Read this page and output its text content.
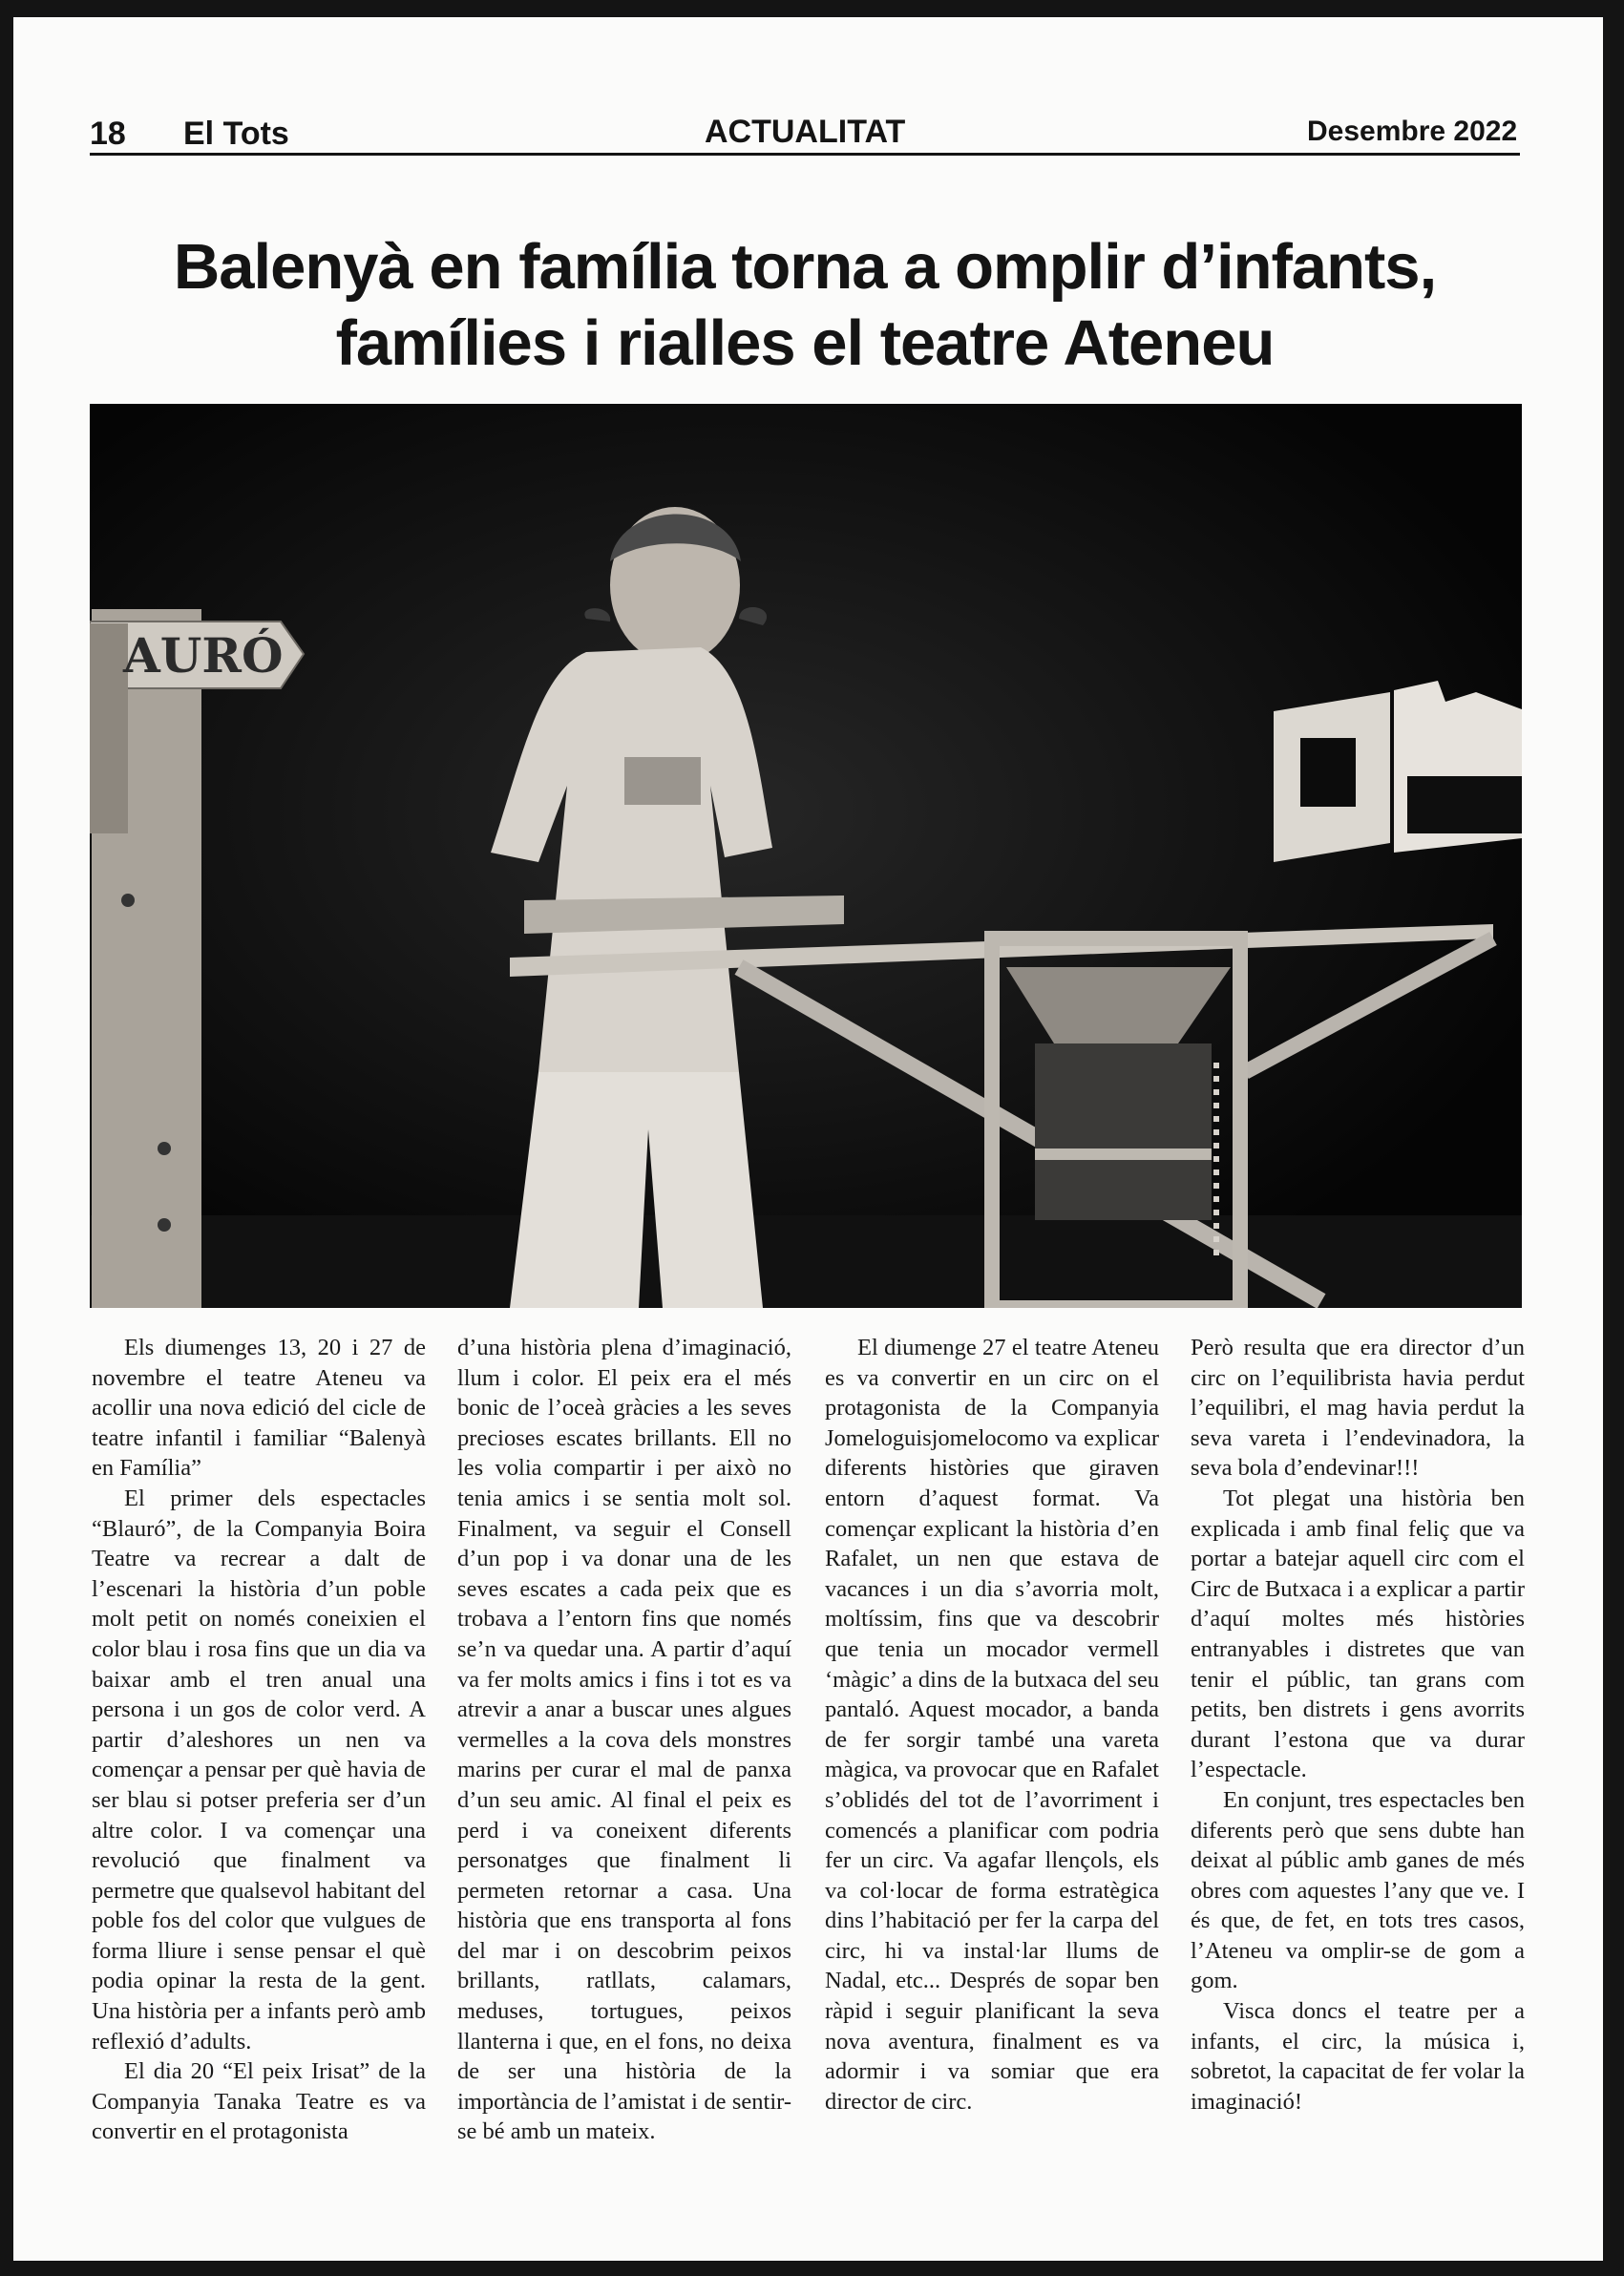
18 El Tots	ACTUALITAT	Desembre 2022
Balenyà en família torna a omplir d’infants,
famílies i rialles el teatre Ateneu
AURÓ

Els diumenges 13, 20 i 27 de novembre el teatre Ateneu va acollir una nova edició del cicle de teatre infantil i familiar “Balenyà en Família”

El primer dels espectacles “Blauró”, de la Companyia Boira Teatre va recrear a dalt de l’escenari la història d’un poble molt petit on només coneixien el color blau i rosa fins que un dia va baixar amb el tren anual una persona i un gos de color verd. A partir d’aleshores un nen va començar a pensar per què havia de ser blau si potser preferia ser d’un altre color. I va començar una revolució que finalment va permetre que qualsevol habitant del poble fos del color que vulgues de forma lliure i sense pensar el què podia opinar la resta de la gent. Una història per a infants però amb reflexió d’adults.

El dia 20 “El peix Irisat” de la Companyia Tanaka Teatre es va convertir en el protagonista

d’una història plena d’imaginació, llum i color. El peix era el més bonic de l’oceà gràcies a les seves precioses escates brillants. Ell no les volia compartir i per això no tenia amics i se sentia molt sol. Finalment, va seguir el Consell d’un pop i va donar una de les seves escates a cada peix que es trobava a l’entorn fins que només se’n va quedar una. A partir d’aquí va fer molts amics i fins i tot es va atrevir a anar a buscar unes algues vermelles a la cova dels monstres marins per curar el mal de panxa d’un seu amic. Al final el peix es perd i va coneixent diferents personatges que finalment li permeten retornar a casa. Una història que ens transporta al fons del mar i on descobrim peixos brillants, ratllats, calamars, meduses, tortugues, peixos llanterna i que, en el fons, no deixa de ser una història de la importància de l’amistat i de sentir-se bé amb un mateix.

El diumenge 27 el teatre Ateneu es va convertir en un circ on el protagonista de la Companyia Jomeloguisjomelocomo va explicar diferents històries que giraven entorn d’aquest format. Va començar explicant la història d’en Rafalet, un nen que estava de vacances i un dia s’avorria molt, moltíssim, fins que va descobrir que tenia un mocador vermell ‘màgic’ a dins de la butxaca del seu pantaló. Aquest mocador, a banda de fer sorgir també una vareta màgica, va provocar que en Rafalet s’oblidés del tot de l’avorriment i comencés a planificar com podria fer un circ. Va agafar llençols, els va col·locar de forma estratègica dins l’habitació per fer la carpa del circ, hi va instal·lar llums de Nadal, etc... Després de sopar ben ràpid i seguir planificant la seva nova aventura, finalment es va adormir i va somiar que era director de circ.

Però resulta que era director d’un circ on l’equilibrista havia perdut l’equilibri, el mag havia perdut la seva vareta i l’endevinadora, la seva bola d’endevinar!!!

Tot plegat una història ben explicada i amb final feliç que va portar a batejar aquell circ com el Circ de Butxaca i a explicar a partir d’aquí moltes més històries entranyables i distretes que van tenir el públic, tan grans com petits, ben distrets i gens avorrits durant l’estona que va durar l’espectacle.

En conjunt, tres espectacles ben diferents però que sens dubte han deixat al públic amb ganes de més obres com aquestes l’any que ve. I és que, de fet, en tots tres casos, l’Ateneu va omplir-se de gom a gom.

Visca doncs el teatre per a infants, el circ, la música i, sobretot, la capacitat de fer volar la imaginació!
